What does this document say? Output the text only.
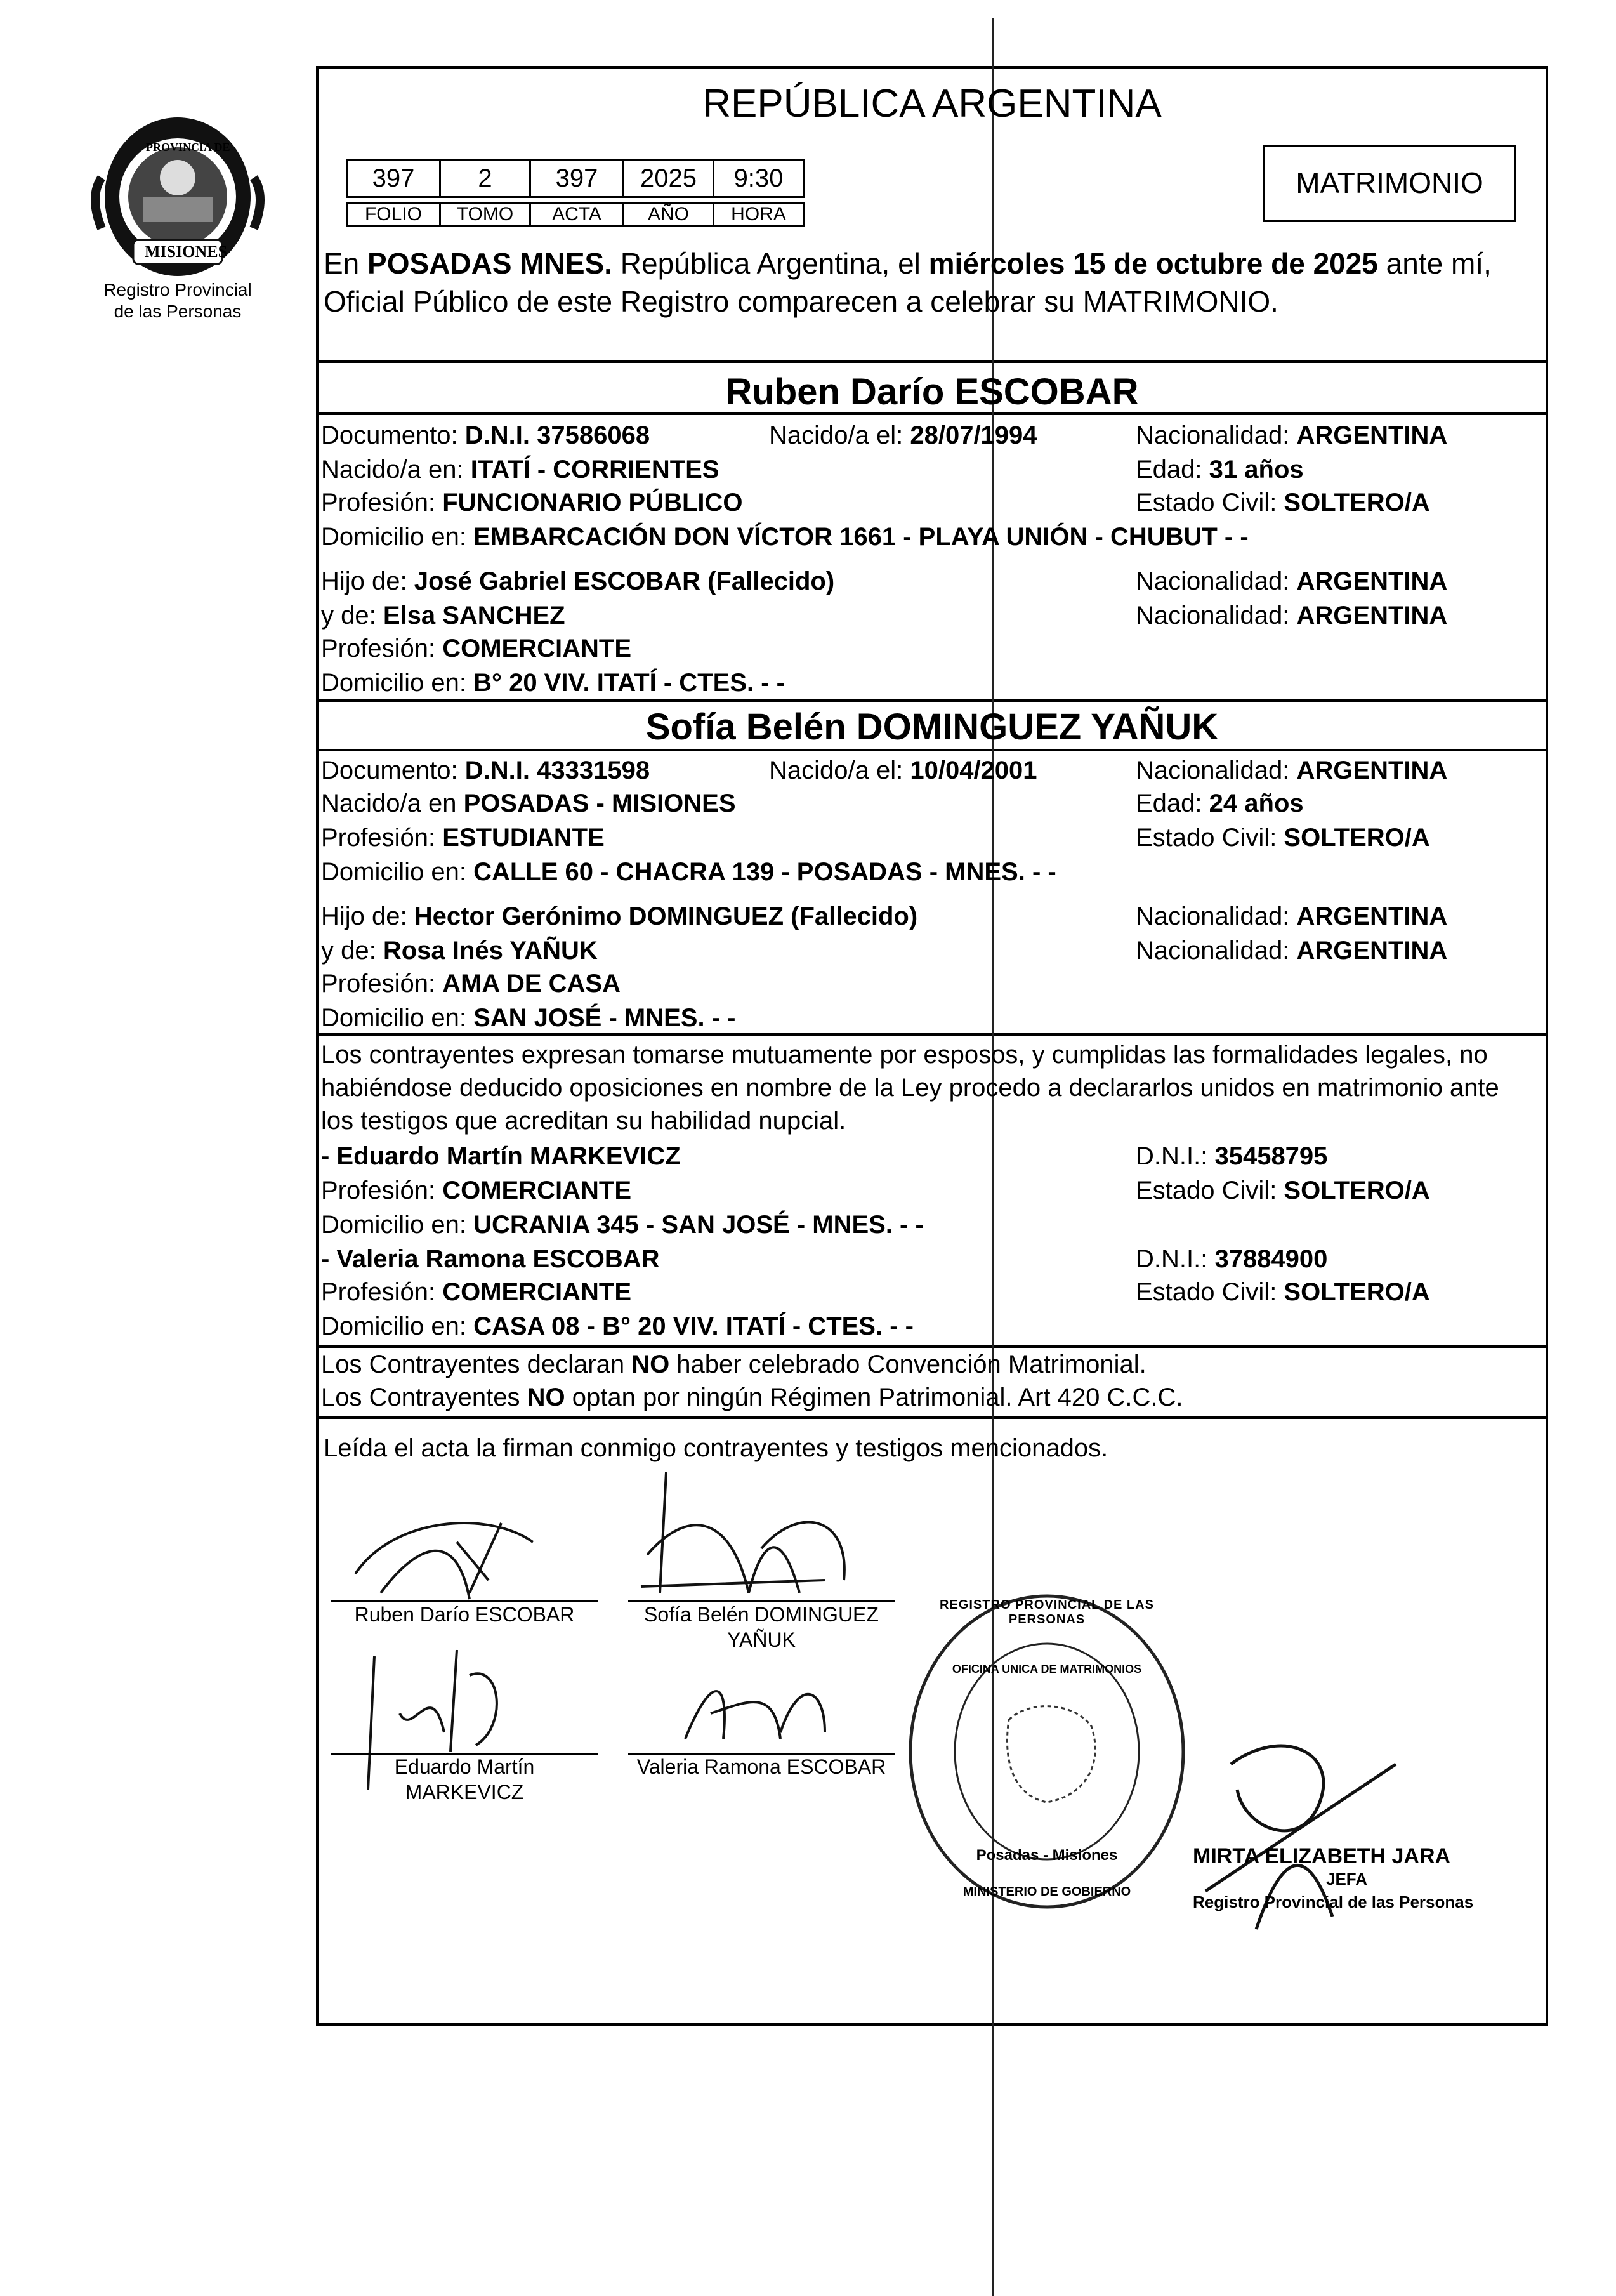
PROVINCIA DE
MISIONES
Registro Provincial
de las Personas
REPÚBLICA ARGENTINA
397	2	397	2025	9:30
FOLIO	TOMO	ACTA	AÑO	HORA
MATRIMONIO
En POSADAS MNES. República Argentina, el miércoles 15 de octubre de 2025 ante mí,
Oficial Público de este Registro comparecen a celebrar su MATRIMONIO.
Ruben Darío ESCOBAR
Documento: D.N.I. 37586068	Nacido/a el: 28/07/1994	Nacionalidad: ARGENTINA
Nacido/a en: ITATÍ - CORRIENTES	Edad: 31 años
Profesión: FUNCIONARIO PÚBLICO	Estado Civil: SOLTERO/A
Domicilio en: EMBARCACIÓN DON VÍCTOR 1661 - PLAYA UNIÓN - CHUBUT - -
Hijo de: José Gabriel ESCOBAR (Fallecido)	Nacionalidad: ARGENTINA
y de: Elsa SANCHEZ	Nacionalidad: ARGENTINA
Profesión: COMERCIANTE
Domicilio en: B° 20 VIV. ITATÍ - CTES. - -
Sofía Belén DOMINGUEZ YAÑUK
Documento: D.N.I. 43331598	Nacido/a el: 10/04/2001	Nacionalidad: ARGENTINA
Nacido/a en POSADAS - MISIONES	Edad: 24 años
Profesión: ESTUDIANTE	Estado Civil: SOLTERO/A
Domicilio en: CALLE 60 - CHACRA 139 - POSADAS - MNES. - -
Hijo de: Hector Gerónimo DOMINGUEZ (Fallecido)	Nacionalidad: ARGENTINA
y de: Rosa Inés YAÑUK	Nacionalidad: ARGENTINA
Profesión: AMA DE CASA
Domicilio en: SAN JOSÉ - MNES. - -
Los contrayentes expresan tomarse mutuamente por esposos, y cumplidas las formalidades legales, no
habiéndose deducido oposiciones en nombre de la Ley procedo a declararlos unidos en matrimonio ante
los testigos que acreditan su habilidad nupcial.
- Eduardo Martín MARKEVICZ	D.N.I.: 35458795
Profesión: COMERCIANTE	Estado Civil: SOLTERO/A
Domicilio en: UCRANIA 345 - SAN JOSÉ - MNES. - -
- Valeria Ramona ESCOBAR	D.N.I.: 37884900
Profesión: COMERCIANTE	Estado Civil: SOLTERO/A
Domicilio en: CASA 08 - B° 20 VIV. ITATÍ - CTES. - -
Los Contrayentes declaran NO haber celebrado Convención Matrimonial.
Los Contrayentes NO optan por ningún Régimen Patrimonial. Art 420 C.C.C.
Leída el acta la firman conmigo contrayentes y testigos mencionados.
Ruben Darío ESCOBAR	Sofía Belén DOMINGUEZ
YAÑUK
Eduardo Martín
MARKEVICZ
Valeria Ramona ESCOBAR
REGISTRO PROVINCIAL DE LAS PERSONAS
OFICINA UNICA DE MATRIMONIOS
Posadas - Misiones
MINISTERIO DE GOBIERNO
MIRTA ELIZABETH JARA
JEFA
Registro Provincial de las Personas
